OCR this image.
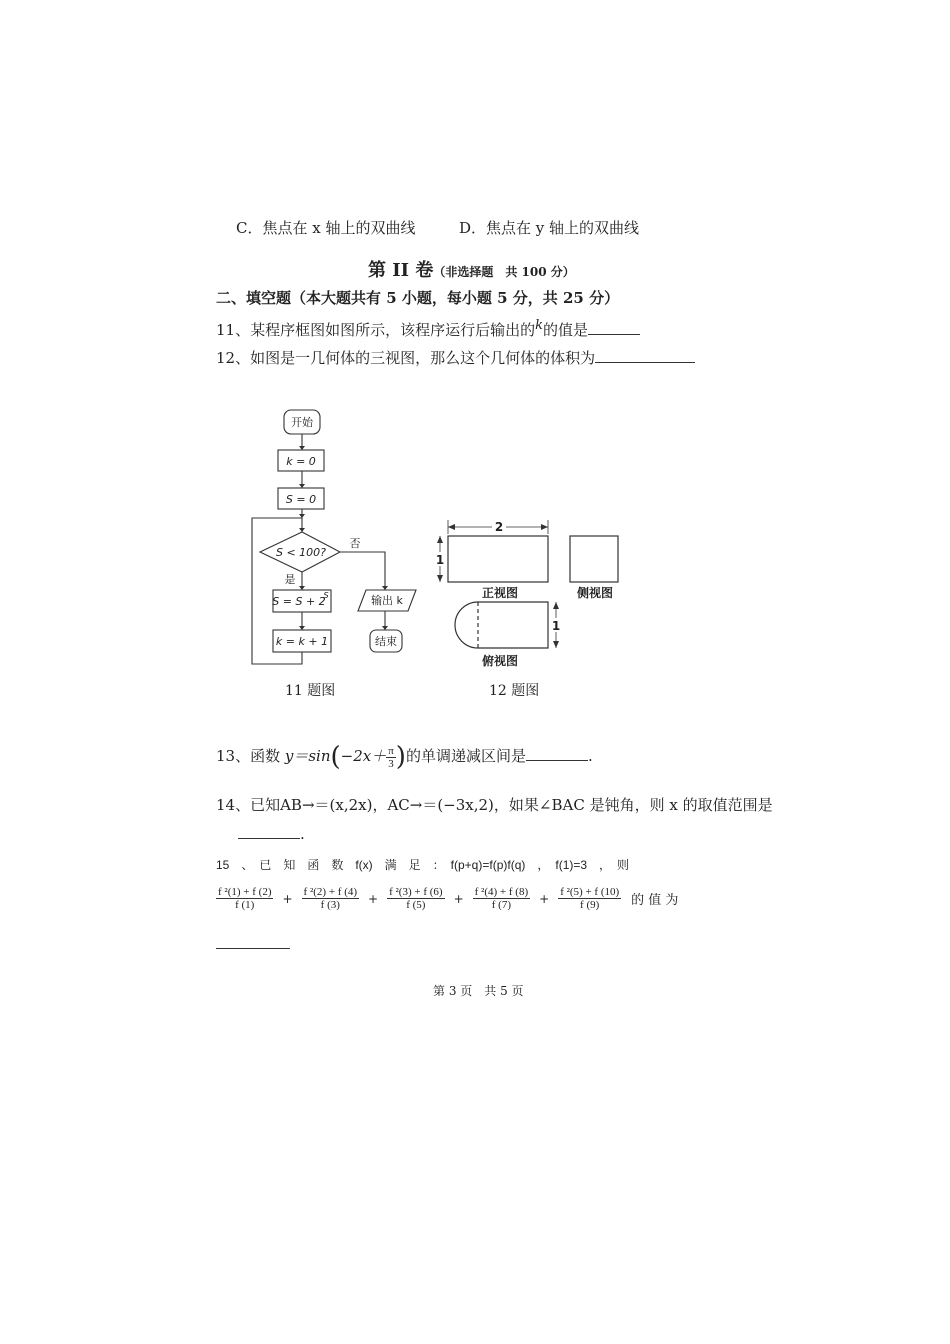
C．焦点在 x 轴上的双曲线	D．焦点在 y 轴上的双曲线
第 II 卷（非选择题　共 100 分）
二、填空题（本大题共有 5 小题，每小题 5 分，共 25 分）
11、某程序框图如图所示，该程序运行后输出的k的值是
12、如图是一几何体的三视图，那么这个几何体的体积为
开始
k = 0
S = 0
S < 100?
否
是
S = S + 2
S
k = k + 1
输出 k
结束
11 题图
2
1
1
正视图	侧视图
俯视图
12 题图
13、函数 $y=\sin(-2x+ \frac{\pi}{3}$ )的单调递减区间是	.
14、已知AB→＝(x,2x)，AC→＝(−3x,2)，如果∠BAC 是钝角，则 x 的取值范围是
.
15　、　已　知　函　数　f(x)　满　足　：　f(p+q)=f(p)f(q)　，　f(1)=3　，　则
$\frac{\text{f ²(1) + f (2)}}{f (1)} + \frac{\text{f ²(2) + f (4)}}{f (3)} + \frac{\text{f ²(3) + f (6)}}{f (5)} + \frac{\text{f ²(4) + f (8)}}{f (7)} + \frac{\text{f ²(5) + f (10)}}{f (9)}$ 的 值 为
第 3 页　共 5 页
